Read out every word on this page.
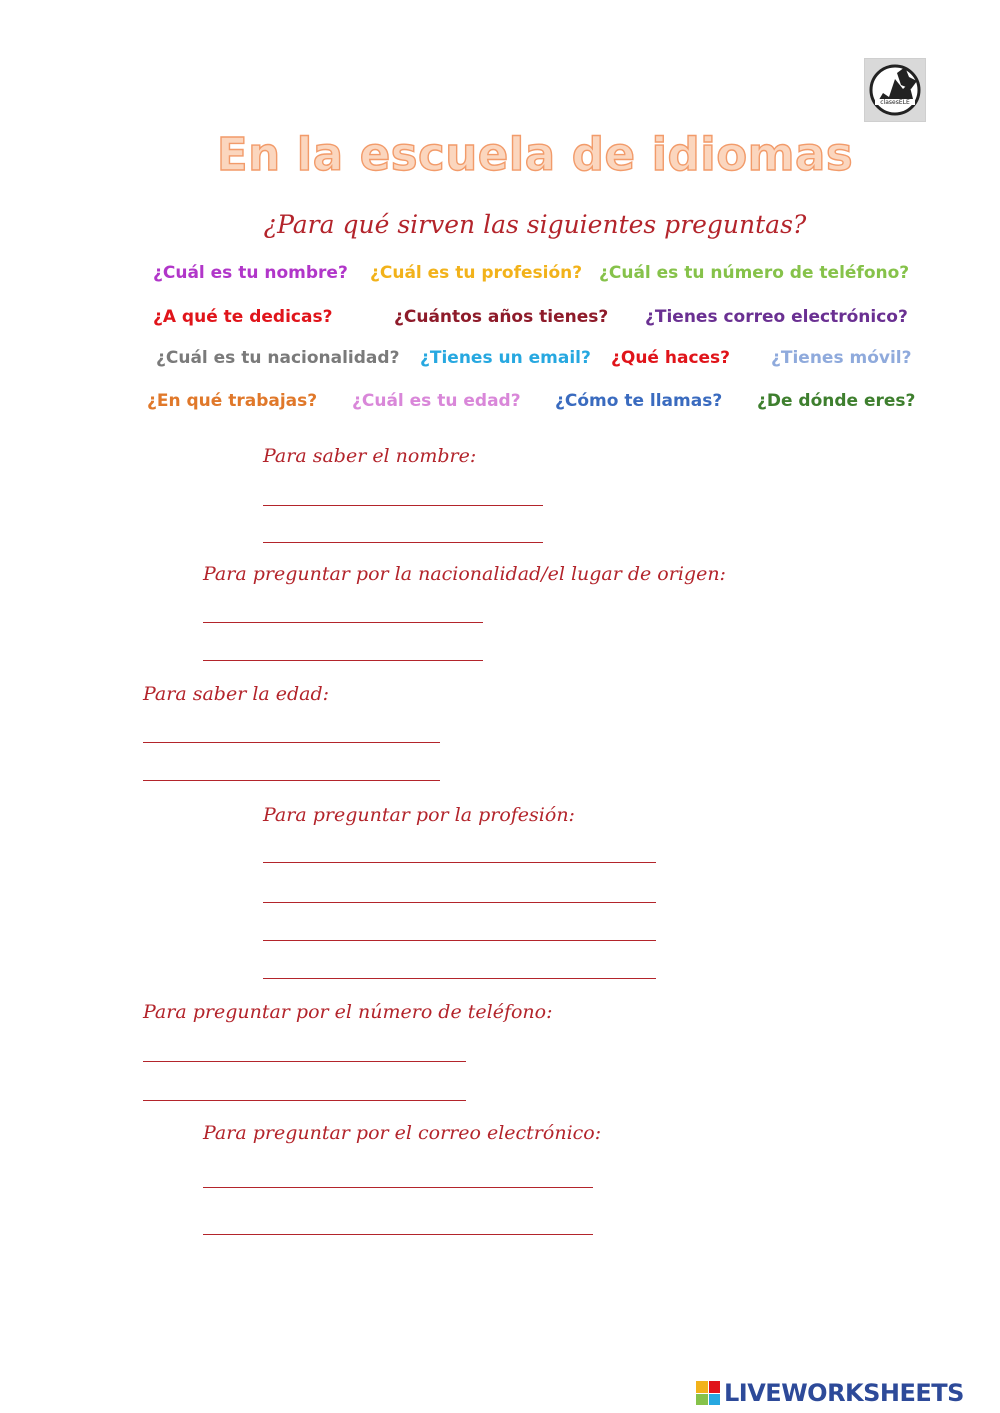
clasesELE
En la escuela de idiomas
¿Para qué sirven las siguientes preguntas?
¿Cuál es tu nombre? ¿Cuál es tu profesión? ¿Cuál es tu número de teléfono?
¿A qué te dedicas?	¿Cuántos años tienes? ¿Tienes correo electrónico?
¿Cuál es tu nacionalidad? ¿Tienes un email? ¿Qué haces? ¿Tienes móvil?
¿En qué trabajas? ¿Cuál es tu edad? ¿Cómo te llamas? ¿De dónde eres?
Para saber el nombre:
Para preguntar por la nacionalidad/el lugar de origen:
Para saber la edad:
Para preguntar por la profesión:
Para preguntar por el número de teléfono:
Para preguntar por el correo electrónico:
LIVEWORKSHEETS
